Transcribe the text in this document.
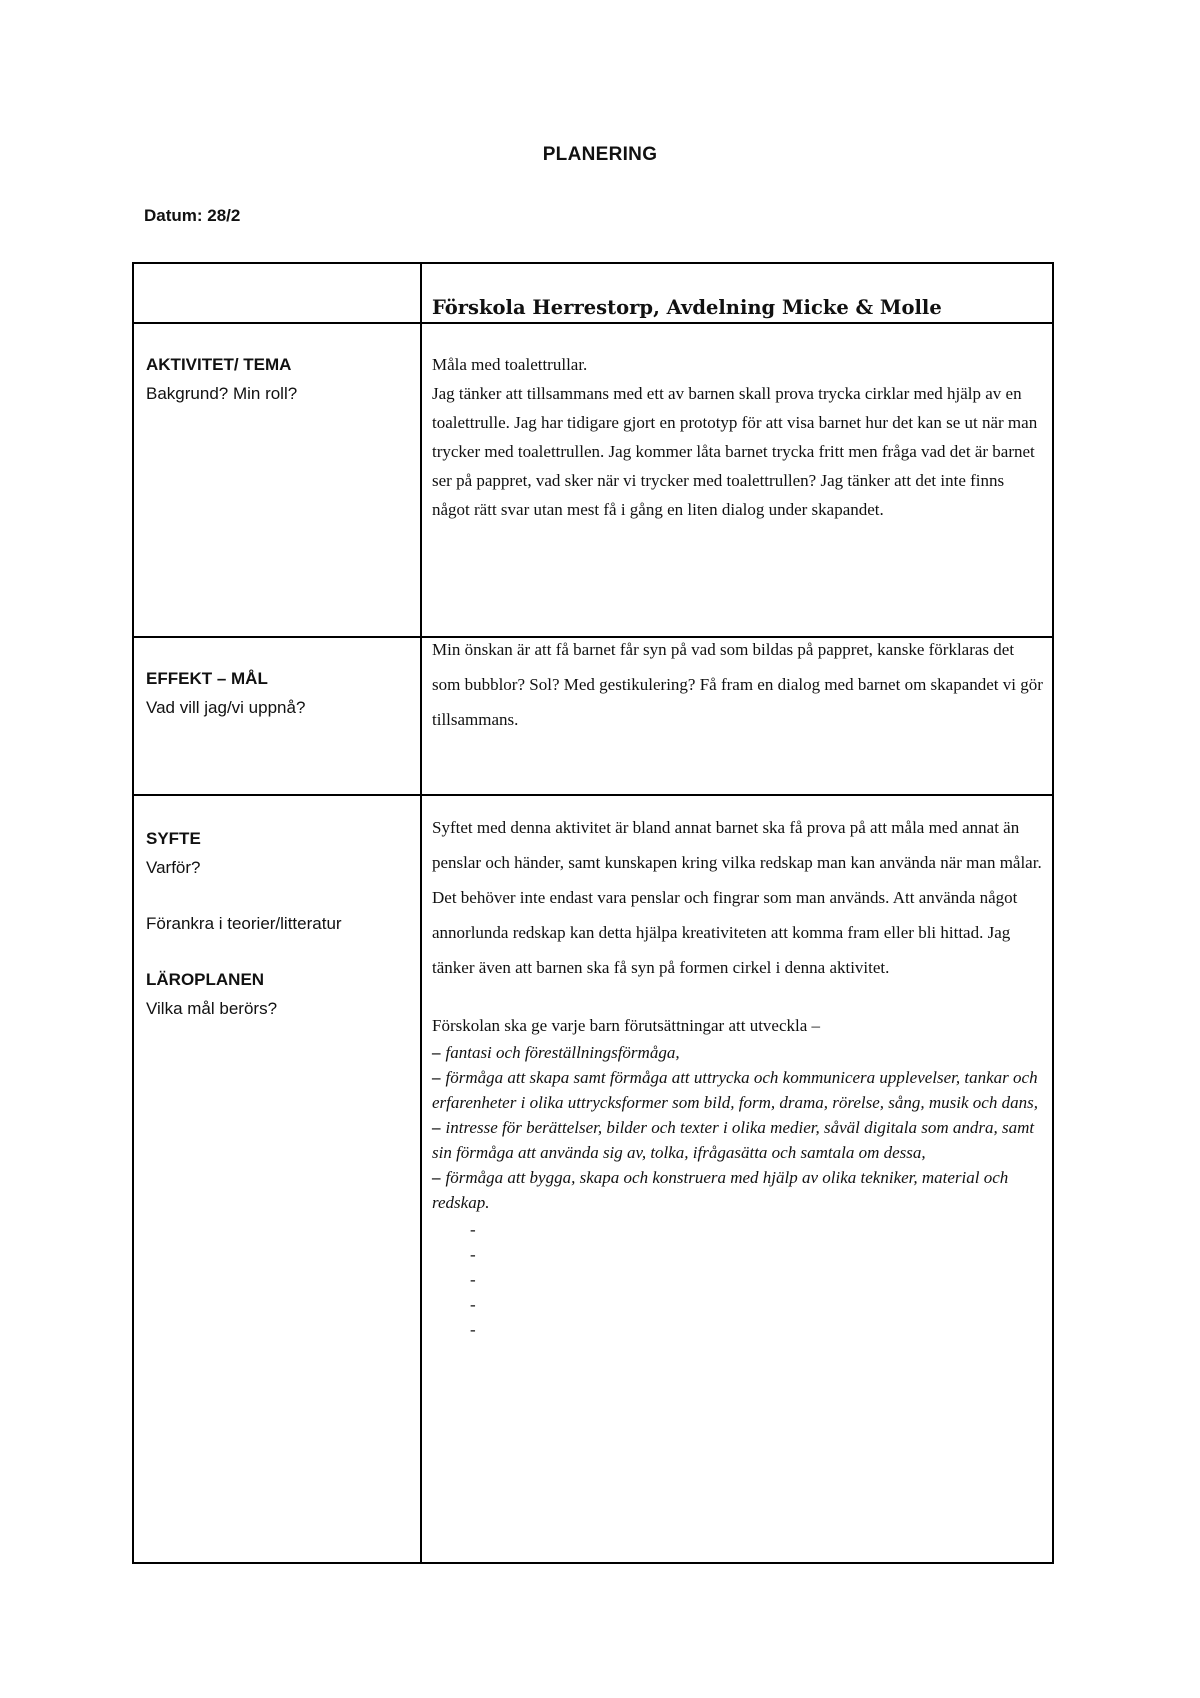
PLANERING
Datum: 28/2
Förskola Herrestorp, Avdelning Micke & Molle
AKTIVITET/ TEMA
Bakgrund? Min roll?
Måla med toalettrullar.
Jag tänker att tillsammans med ett av barnen skall prova trycka cirklar med hjälp av en toalettrulle. Jag har tidigare gjort en prototyp för att visa barnet hur det kan se ut när man trycker med toalettrullen. Jag kommer låta barnet trycka fritt men fråga vad det är barnet ser på pappret, vad sker när vi trycker med toalettrullen? Jag tänker att det inte finns något rätt svar utan mest få i gång en liten dialog under skapandet.
EFFEKT – MÅL
Vad vill jag/vi uppnå?
Min önskan är att få barnet får syn på vad som bildas på pappret, kanske förklaras det som bubblor? Sol? Med gestikulering? Få fram en dialog med barnet om skapandet vi gör tillsammans.
SYFTE
Varför?
Förankra i teorier/litteratur
LÄROPLANEN
Vilka mål berörs?
Syftet med denna aktivitet är bland annat barnet ska få prova på att måla med annat än penslar och händer, samt kunskapen kring vilka redskap man kan använda när man målar. Det behöver inte endast vara penslar och fingrar som man används. Att använda något annorlunda redskap kan detta hjälpa kreativiteten att komma fram eller bli hittad. Jag tänker även att barnen ska få syn på formen cirkel i denna aktivitet.
Förskolan ska ge varje barn förutsättningar att utveckla –
– fantasi och föreställningsförmåga,
– förmåga att skapa samt förmåga att uttrycka och kommunicera upplevelser, tankar och erfarenheter i olika uttrycksformer som bild, form, drama, rörelse, sång, musik och dans,
– intresse för berättelser, bilder och texter i olika medier, såväl digitala som andra, samt sin förmåga att använda sig av, tolka, ifrågasätta och samtala om dessa,
– förmåga att bygga, skapa och konstruera med hjälp av olika tekniker, material och redskap.
-
-
-
-
-
